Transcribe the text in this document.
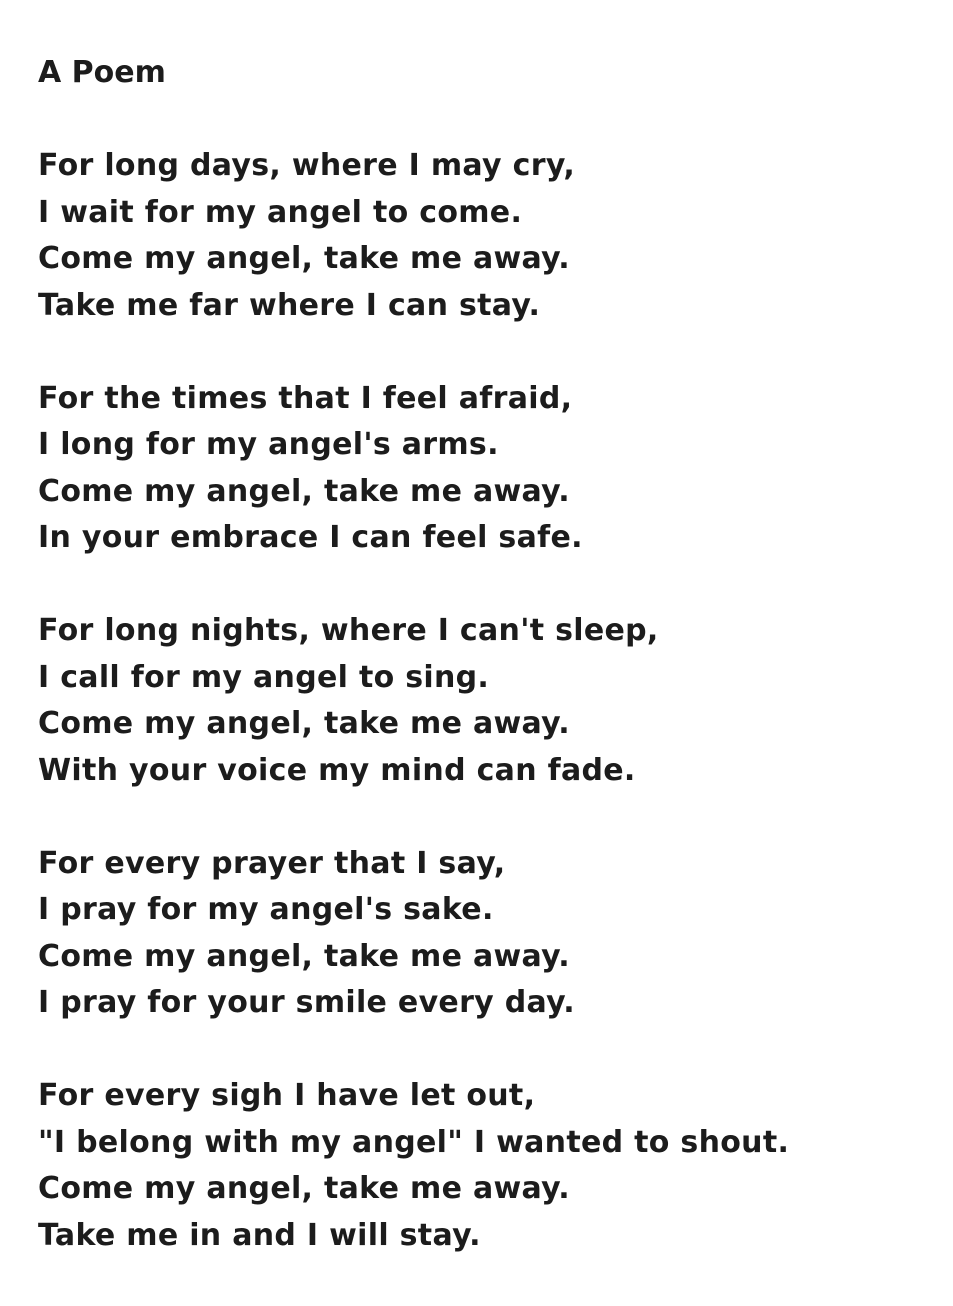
A Poem
For long days, where I may cry,
I wait for my angel to come.
Come my angel, take me away.
Take me far where I can stay.
For the times that I feel afraid,
I long for my angel's arms.
Come my angel, take me away.
In your embrace I can feel safe.
For long nights, where I can't sleep,
I call for my angel to sing.
Come my angel, take me away.
With your voice my mind can fade.
For every prayer that I say,
I pray for my angel's sake.
Come my angel, take me away.
I pray for your smile every day.
For every sigh I have let out,
"I belong with my angel" I wanted to shout.
Come my angel, take me away.
Take me in and I will stay.
